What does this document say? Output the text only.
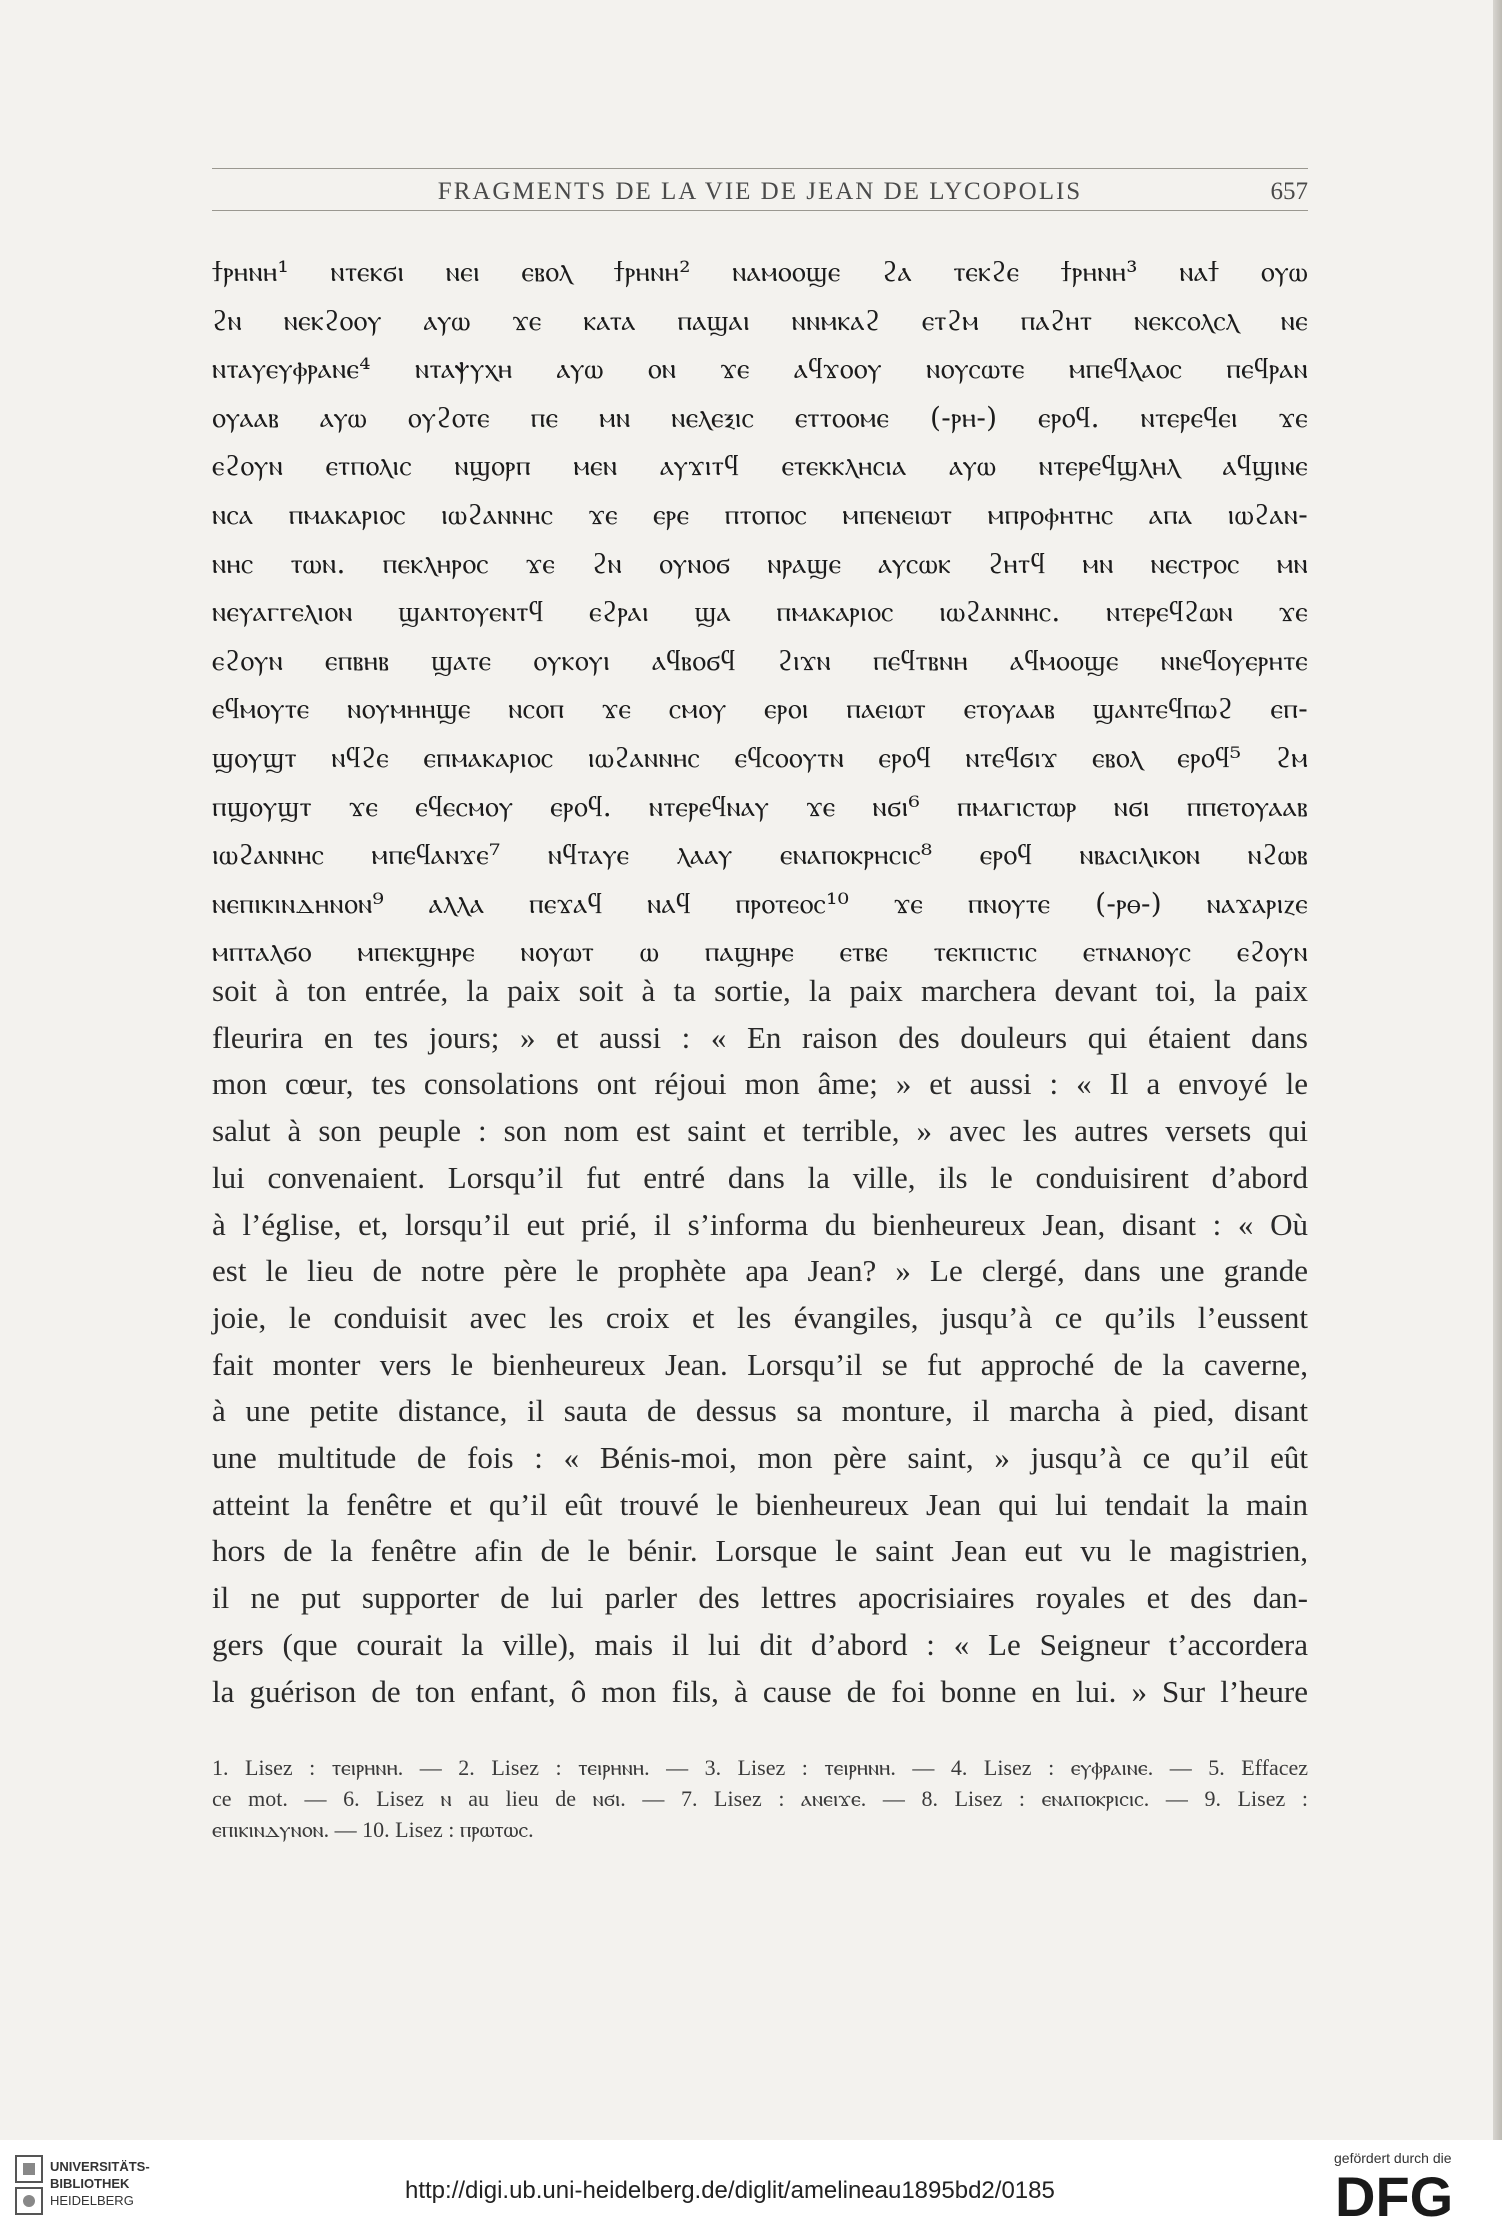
FRAGMENTS DE LA VIE DE JEAN DE LYCOPOLIS	657
ϯⲣⲏⲛⲏ¹ ⲛⲧⲉⲕϭⲓ ⲛⲉⲓ ⲉⲃⲟⲗ ϯⲣⲏⲛⲏ² ⲛⲁⲙⲟⲟϣⲉ ϩⲁ ⲧⲉⲕϩⲉ ϯⲣⲏⲛⲏ³ ⲛⲁϯ ⲟⲩⲱ
ϩⲛ ⲛⲉⲕϩⲟⲟⲩ ⲁⲩⲱ ϫⲉ ⲕⲁⲧⲁ ⲡⲁϣⲁⲓ ⲛⲛⲙⲕⲁϩ ⲉⲧϩⲙ ⲡⲁϩⲏⲧ ⲛⲉⲕⲥⲟⲗⲥⲗ ⲛⲉ
ⲛⲧⲁⲩⲉⲩⲫⲣⲁⲛⲉ⁴ ⲛⲧⲁⲯⲩⲭⲏ ⲁⲩⲱ ⲟⲛ ϫⲉ ⲁϥϫⲟⲟⲩ ⲛⲟⲩⲥⲱⲧⲉ ⲙⲡⲉϥⲗⲁⲟⲥ ⲡⲉϥⲣⲁⲛ
ⲟⲩⲁⲁⲃ ⲁⲩⲱ ⲟⲩϩⲟⲧⲉ ⲡⲉ ⲙⲛ ⲛⲉⲗⲉⲝⲓⲥ ⲉⲧⲧⲟⲟⲙⲉ (-ⲣⲏ-) ⲉⲣⲟϥ. ⲛⲧⲉⲣⲉϥⲉⲓ ϫⲉ
ⲉϩⲟⲩⲛ ⲉⲧⲡⲟⲗⲓⲥ ⲛϣⲟⲣⲡ ⲙⲉⲛ ⲁⲩϫⲓⲧϥ ⲉⲧⲉⲕⲕⲗⲏⲥⲓⲁ ⲁⲩⲱ ⲛⲧⲉⲣⲉϥϣⲗⲏⲗ ⲁϥϣⲓⲛⲉ
ⲛⲥⲁ ⲡⲙⲁⲕⲁⲣⲓⲟⲥ ⲓⲱϩⲁⲛⲛⲏⲥ ϫⲉ ⲉⲣⲉ ⲡⲧⲟⲡⲟⲥ ⲙⲡⲉⲛⲉⲓⲱⲧ ⲙⲡⲣⲟⲫⲏⲧⲏⲥ ⲁⲡⲁ ⲓⲱϩⲁⲛ-
ⲛⲏⲥ ⲧⲱⲛ. ⲡⲉⲕⲗⲏⲣⲟⲥ ϫⲉ ϩⲛ ⲟⲩⲛⲟϭ ⲛⲣⲁϣⲉ ⲁⲩⲥⲱⲕ ϩⲏⲧϥ ⲙⲛ ⲛⲉⲥⲧⲣⲟⲥ ⲙⲛ
ⲛⲉⲩⲁⲅⲅⲉⲗⲓⲟⲛ ϣⲁⲛⲧⲟⲩⲉⲛⲧϥ ⲉϩⲣⲁⲓ ϣⲁ ⲡⲙⲁⲕⲁⲣⲓⲟⲥ ⲓⲱϩⲁⲛⲛⲏⲥ. ⲛⲧⲉⲣⲉϥϩⲱⲛ ϫⲉ
ⲉϩⲟⲩⲛ ⲉⲡⲃⲏⲃ ϣⲁⲧⲉ ⲟⲩⲕⲟⲩⲓ ⲁϥⲃⲟϭϥ ϩⲓϫⲛ ⲡⲉϥⲧⲃⲛⲏ ⲁϥⲙⲟⲟϣⲉ ⲛⲛⲉϥⲟⲩⲉⲣⲏⲧⲉ
ⲉϥⲙⲟⲩⲧⲉ ⲛⲟⲩⲙⲏⲏϣⲉ ⲛⲥⲟⲡ ϫⲉ ⲥⲙⲟⲩ ⲉⲣⲟⲓ ⲡⲁⲉⲓⲱⲧ ⲉⲧⲟⲩⲁⲁⲃ ϣⲁⲛⲧⲉϥⲡⲱϩ ⲉⲡ-
ϣⲟⲩϣⲧ ⲛϥϩⲉ ⲉⲡⲙⲁⲕⲁⲣⲓⲟⲥ ⲓⲱϩⲁⲛⲛⲏⲥ ⲉϥⲥⲟⲟⲩⲧⲛ ⲉⲣⲟϥ ⲛⲧⲉϥϭⲓϫ ⲉⲃⲟⲗ ⲉⲣⲟϥ⁵ ϩⲙ
ⲡϣⲟⲩϣⲧ ϫⲉ ⲉϥⲉⲥⲙⲟⲩ ⲉⲣⲟϥ. ⲛⲧⲉⲣⲉϥⲛⲁⲩ ϫⲉ ⲛϭⲓ⁶ ⲡⲙⲁⲅⲓⲥⲧⲱⲣ ⲛϭⲓ ⲡⲡⲉⲧⲟⲩⲁⲁⲃ
ⲓⲱϩⲁⲛⲛⲏⲥ ⲙⲡⲉϥⲁⲛϫⲉ⁷ ⲛϥⲧⲁⲩⲉ ⲗⲁⲁⲩ ⲉⲛⲁⲡⲟⲕⲣⲏⲥⲓⲥ⁸ ⲉⲣⲟϥ ⲛⲃⲁⲥⲓⲗⲓⲕⲟⲛ ⲛϩⲱⲃ
ⲛⲉⲡⲓⲕⲓⲛⲇⲏⲛⲟⲛ⁹ ⲁⲗⲗⲁ ⲡⲉϫⲁϥ ⲛⲁϥ ⲡⲣⲟⲧⲉⲟⲥ¹⁰ ϫⲉ ⲡⲛⲟⲩⲧⲉ (-ⲣⲑ-) ⲛⲁϫⲁⲣⲓⲍⲉ
ⲙⲡⲧⲁⲗϭⲟ ⲙⲡⲉⲕϣⲏⲣⲉ ⲛⲟⲩⲱⲧ ⲱ ⲡⲁϣⲏⲣⲉ ⲉⲧⲃⲉ ⲧⲉⲕⲡⲓⲥⲧⲓⲥ ⲉⲧⲛⲁⲛⲟⲩⲥ ⲉϩⲟⲩⲛ
soit à ton entrée, la paix soit à ta sortie, la paix marchera devant toi, la paix
fleurira en tes jours; » et aussi : « En raison des douleurs qui étaient dans
mon cœur, tes consolations ont réjoui mon âme; » et aussi : « Il a envoyé le
salut à son peuple : son nom est saint et terrible, » avec les autres versets qui
lui convenaient. Lorsqu’il fut entré dans la ville, ils le conduisirent d’abord
à l’église, et, lorsqu’il eut prié, il s’informa du bienheureux Jean, disant : « Où
est le lieu de notre père le prophète apa Jean? » Le clergé, dans une grande
joie, le conduisit avec les croix et les évangiles, jusqu’à ce qu’ils l’eussent
fait monter vers le bienheureux Jean. Lorsqu’il se fut approché de la caverne,
à une petite distance, il sauta de dessus sa monture, il marcha à pied, disant
une multitude de fois : « Bénis-moi, mon père saint, » jusqu’à ce qu’il eût
atteint la fenêtre et qu’il eût trouvé le bienheureux Jean qui lui tendait la main
hors de la fenêtre afin de le bénir. Lorsque le saint Jean eut vu le magistrien,
il ne put supporter de lui parler des lettres apocrisiaires royales et des dan-
gers (que courait la ville), mais il lui dit d’abord : « Le Seigneur t’accordera
la guérison de ton enfant, ô mon fils, à cause de foi bonne en lui. » Sur l’heure
1. Lisez : ⲧⲉⲓⲣⲏⲛⲏ. — 2. Lisez : ⲧⲉⲓⲣⲏⲛⲏ. — 3. Lisez : ⲧⲉⲓⲣⲏⲛⲏ. — 4. Lisez : ⲉⲩⲫⲣⲁⲓⲛⲉ. — 5. Effacez
ce mot. — 6. Lisez ⲛ au lieu de ⲛϭⲓ. — 7. Lisez : ⲁⲛⲉⲓϫⲉ. — 8. Lisez : ⲉⲛⲁⲡⲟⲕⲣⲓⲥⲓⲥ. — 9. Lisez :
ⲉⲡⲓⲕⲓⲛⲇⲩⲛⲟⲛ. — 10. Lisez : ⲡⲣⲱⲧⲱⲥ.
UNIVERSITÄTS-
BIBLIOTHEK
HEIDELBERG	http://digi.ub.uni-heidelberg.de/diglit/amelineau1895bd2/0185
gefördert durch die
DFG
